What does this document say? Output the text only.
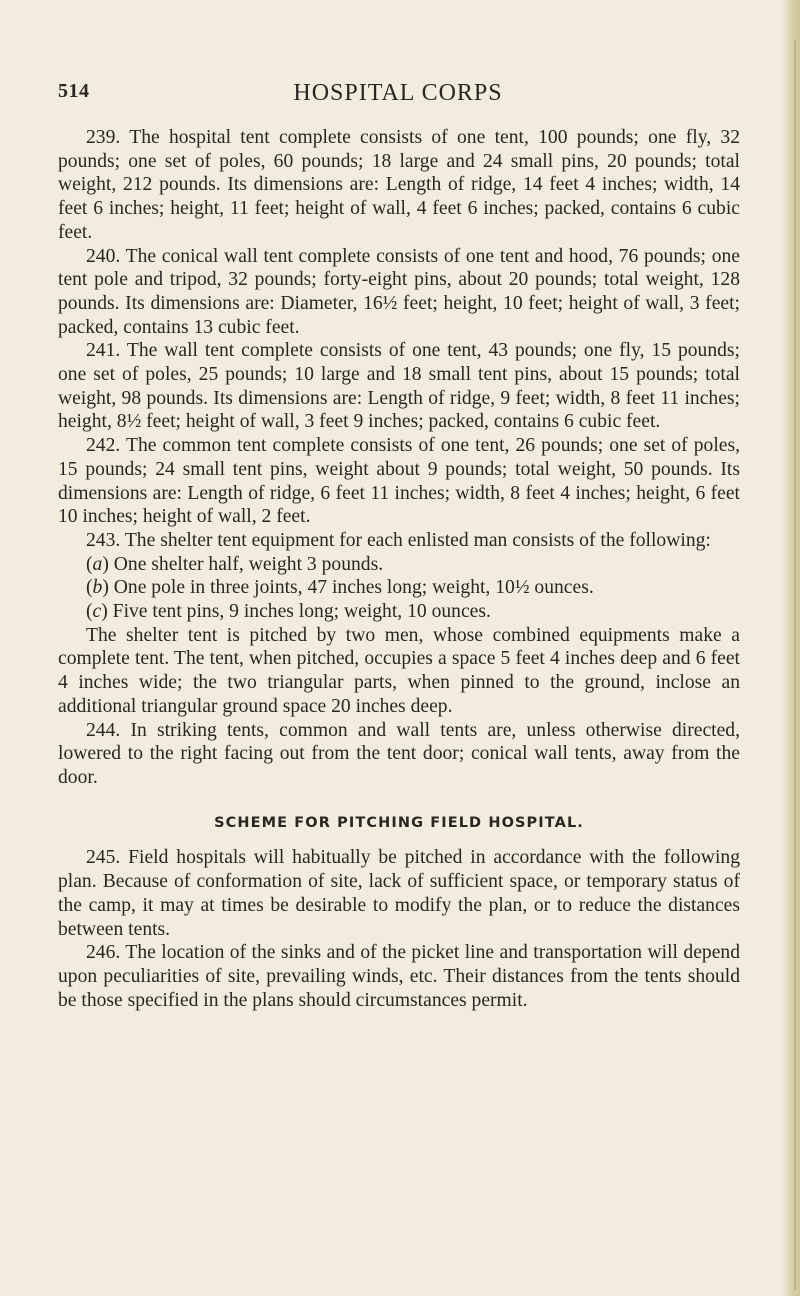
514	HOSPITAL CORPS

239. The hospital tent complete consists of one tent, 100 pounds; one fly, 32 pounds; one set of poles, 60 pounds; 18 large and 24 small pins, 20 pounds; total weight, 212 pounds. Its dimensions are: Length of ridge, 14 feet 4 inches; width, 14 feet 6 inches; height, 11 feet; height of wall, 4 feet 6 inches; packed, contains 6 cubic feet.

240. The conical wall tent complete consists of one tent and hood, 76 pounds; one tent pole and tripod, 32 pounds; forty-eight pins, about 20 pounds; total weight, 128 pounds. Its dimensions are: Diameter, 16½ feet; height, 10 feet; height of wall, 3 feet; packed, contains 13 cubic feet.

241. The wall tent complete consists of one tent, 43 pounds; one fly, 15 pounds; one set of poles, 25 pounds; 10 large and 18 small tent pins, about 15 pounds; total weight, 98 pounds. Its dimensions are: Length of ridge, 9 feet; width, 8 feet 11 inches; height, 8½ feet; height of wall, 3 feet 9 inches; packed, contains 6 cubic feet.

242. The common tent complete consists of one tent, 26 pounds; one set of poles, 15 pounds; 24 small tent pins, weight about 9 pounds; total weight, 50 pounds. Its dimensions are: Length of ridge, 6 feet 11 inches; width, 8 feet 4 inches; height, 6 feet 10 inches; height of wall, 2 feet.

243. The shelter tent equipment for each enlisted man consists of the following:

(a) One shelter half, weight 3 pounds.

(b) One pole in three joints, 47 inches long; weight, 10½ ounces.

(c) Five tent pins, 9 inches long; weight, 10 ounces.

The shelter tent is pitched by two men, whose combined equipments make a complete tent. The tent, when pitched, occupies a space 5 feet 4 inches deep and 6 feet 4 inches wide; the two triangular parts, when pinned to the ground, inclose an additional triangular ground space 20 inches deep.

244. In striking tents, common and wall tents are, unless otherwise directed, lowered to the right facing out from the tent door; conical wall tents, away from the door.

SCHEME FOR PITCHING FIELD HOSPITAL.

245. Field hospitals will habitually be pitched in accordance with the following plan. Because of conformation of site, lack of sufficient space, or temporary status of the camp, it may at times be desirable to modify the plan, or to reduce the distances between tents.

246. The location of the sinks and of the picket line and transportation will depend upon peculiarities of site, prevailing winds, etc. Their distances from the tents should be those specified in the plans should circumstances permit.
